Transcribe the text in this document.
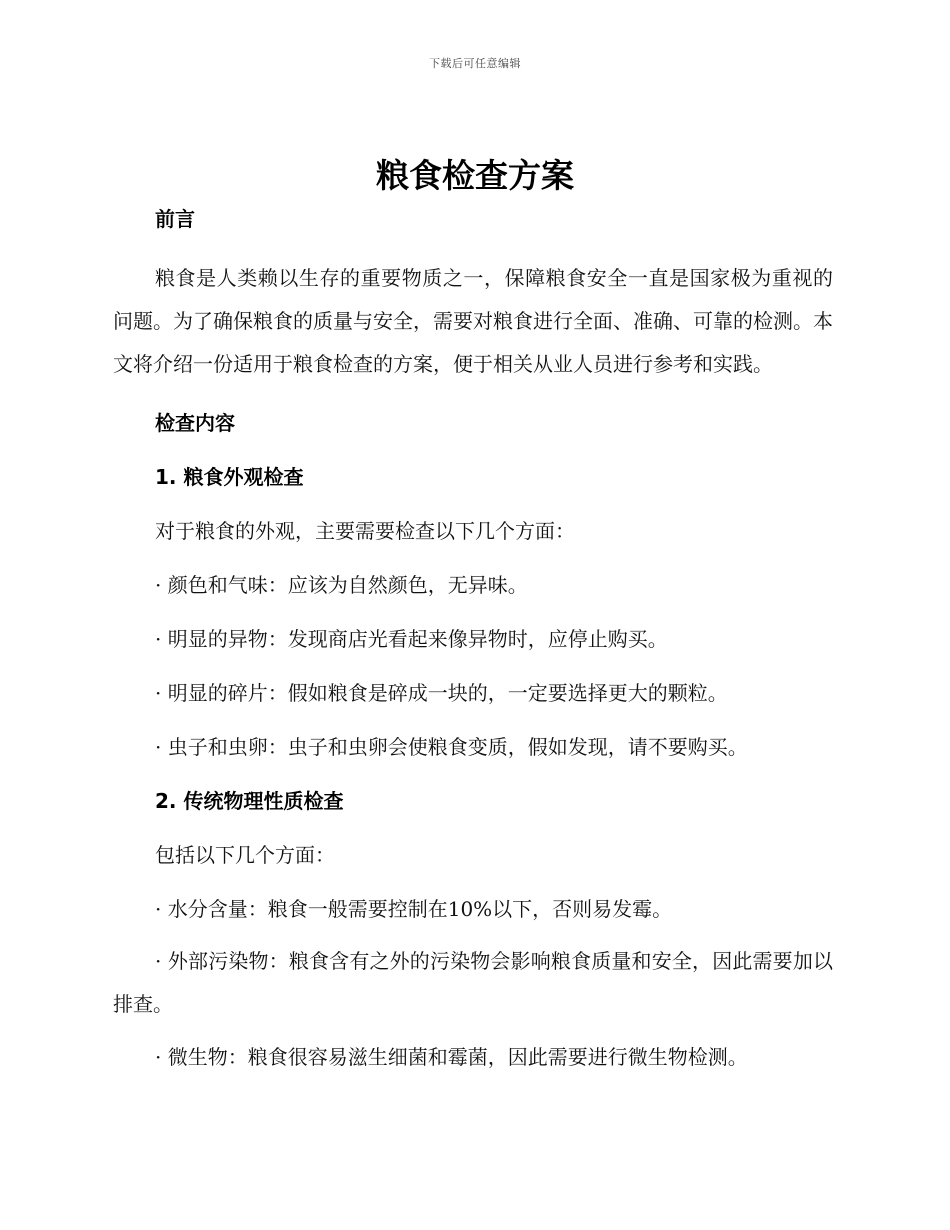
下载后可任意编辑
粮食检查方案

前言

粮食是人类赖以生存的重要物质之一，保障粮食安全一直是国家极为重视的问题。为了确保粮食的质量与安全，需要对粮食进行全面、准确、可靠的检测。本文将介绍一份适用于粮食检查的方案，便于相关从业人员进行参考和实践。

检查内容

1. 粮食外观检查

对于粮食的外观，主要需要检查以下几个方面：

· 颜色和气味：应该为自然颜色，无异味。

· 明显的异物：发现商店光看起来像异物时，应停止购买。

· 明显的碎片：假如粮食是碎成一块的，一定要选择更大的颗粒。

· 虫子和虫卵：虫子和虫卵会使粮食变质，假如发现，请不要购买。

2. 传统物理性质检查

包括以下几个方面：

· 水分含量：粮食一般需要控制在10%以下，否则易发霉。

· 外部污染物：粮食含有之外的污染物会影响粮食质量和安全，因此需要加以排查。

· 微生物：粮食很容易滋生细菌和霉菌，因此需要进行微生物检测。
